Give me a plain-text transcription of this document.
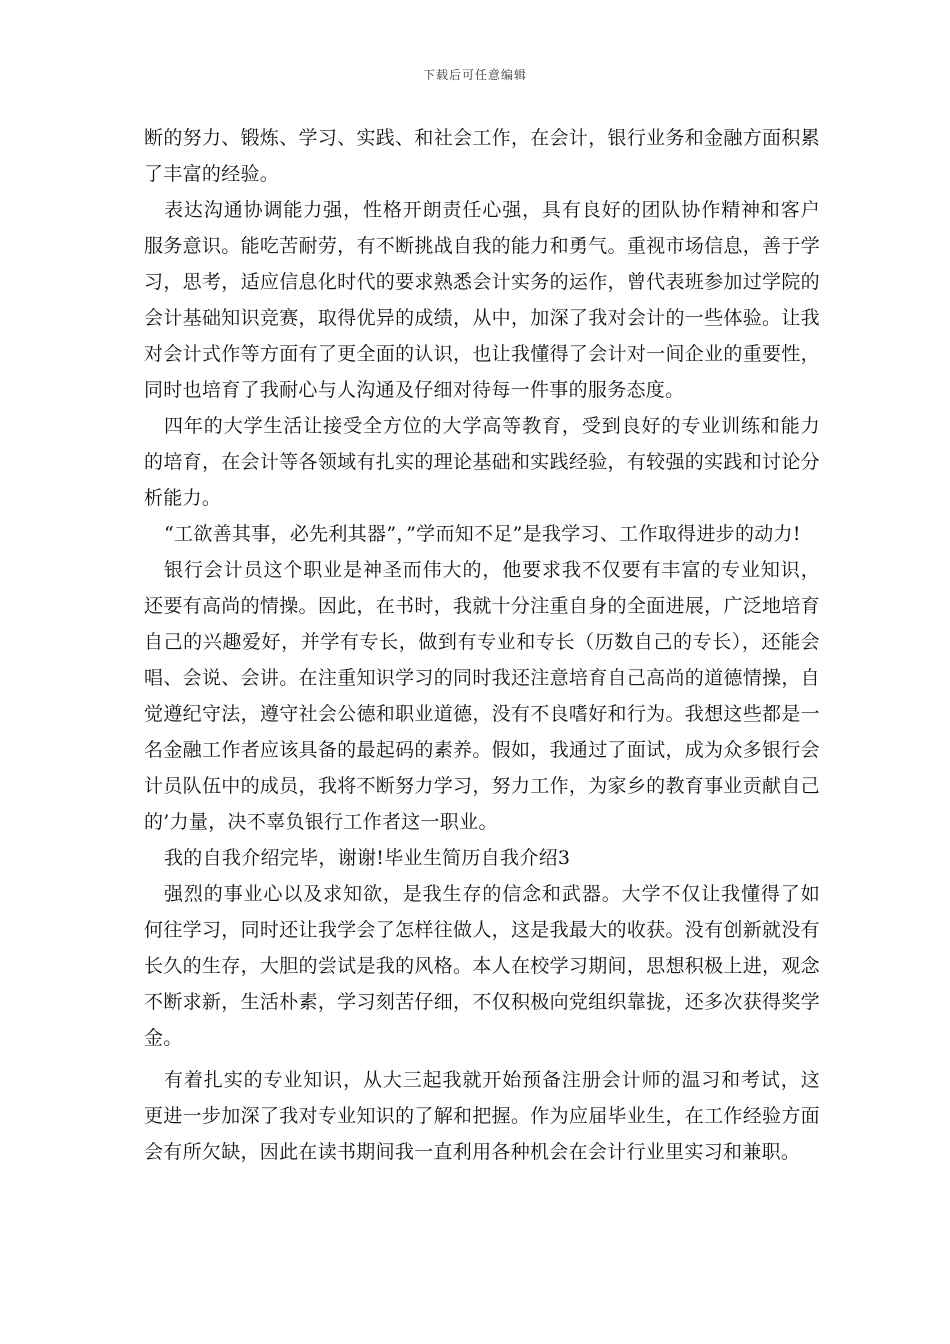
下载后可任意编辑

断的努力、锻炼、学习、实践、和社会工作，在会计，银行业务和金融方面积累了丰富的经验。

表达沟通协调能力强，性格开朗责任心强，具有良好的团队协作精神和客户服务意识。能吃苦耐劳，有不断挑战自我的能力和勇气。重视市场信息，善于学习，思考，适应信息化时代的要求熟悉会计实务的运作，曾代表班参加过学院的会计基础知识竞赛，取得优异的成绩，从中，加深了我对会计的一些体验。让我对会计式作等方面有了更全面的认识，也让我懂得了会计对一间企业的重要性，同时也培育了我耐心与人沟通及仔细对待每一件事的服务态度。

四年的大学生活让接受全方位的大学高等教育，受到良好的专业训练和能力的培育，在会计等各领域有扎实的理论基础和实践经验，有较强的实践和讨论分析能力。

“工欲善其事，必先利其器”，”学而知不足”是我学习、工作取得进步的动力!

银行会计员这个职业是神圣而伟大的，他要求我不仅要有丰富的专业知识，还要有高尚的情操。因此，在书时，我就十分注重自身的全面进展，广泛地培育自己的兴趣爱好，并学有专长，做到有专业和专长（历数自己的专长），还能会唱、会说、会讲。在注重知识学习的同时我还注意培育自己高尚的道德情操，自觉遵纪守法，遵守社会公德和职业道德，没有不良嗜好和行为。我想这些都是一名金融工作者应该具备的最起码的素养。假如，我通过了面试，成为众多银行会计员队伍中的成员，我将不断努力学习，努力工作，为家乡的教育事业贡献自己的’力量，决不辜负银行工作者这一职业。

我的自我介绍完毕，谢谢!毕业生简历自我介绍3

强烈的事业心以及求知欲，是我生存的信念和武器。大学不仅让我懂得了如何往学习，同时还让我学会了怎样往做人，这是我最大的收获。没有创新就没有长久的生存，大胆的尝试是我的风格。本人在校学习期间，思想积极上进，观念不断求新，生活朴素，学习刻苦仔细，不仅积极向党组织靠拢，还多次获得奖学金。

有着扎实的专业知识，从大三起我就开始预备注册会计师的温习和考试，这更进一步加深了我对专业知识的了解和把握。作为应届毕业生，在工作经验方面会有所欠缺，因此在读书期间我一直利用各种机会在会计行业里实习和兼职。
